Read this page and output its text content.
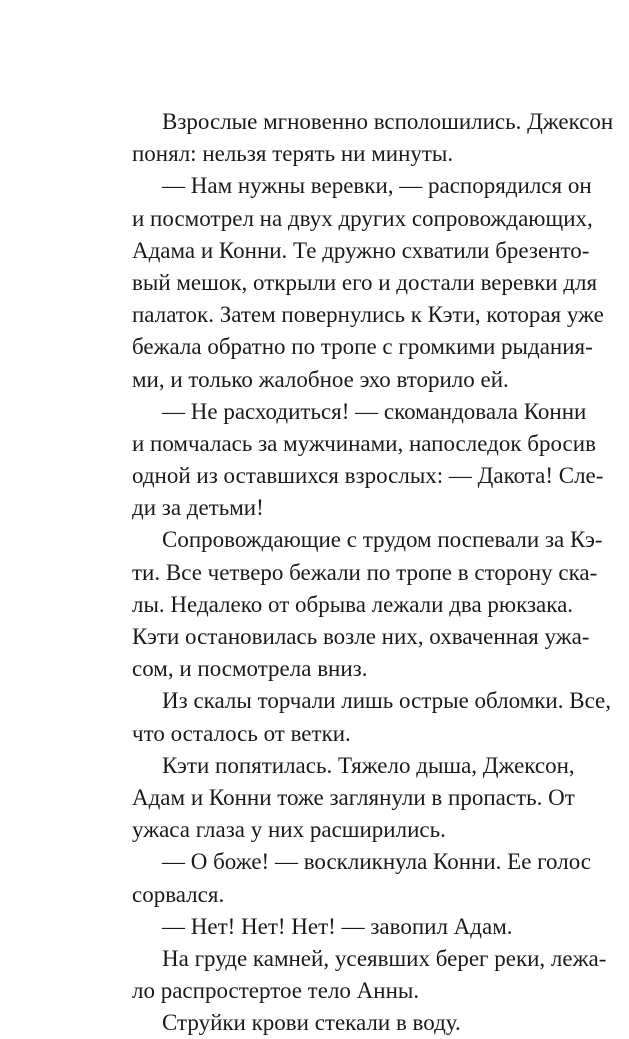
Взрослые мгновенно всполошились. Джексон
понял: нельзя терять ни минуты.
— Нам нужны веревки, — распорядился он
и посмотрел на двух других сопровождающих,
Адама и Конни. Те дружно схватили брезенто-
вый мешок, открыли его и достали веревки для
палаток. Затем повернулись к Кэти, которая уже
бежала обратно по тропе с громкими рыдания-
ми, и только жалобное эхо вторило ей.
— Не расходиться! — скомандовала Конни
и помчалась за мужчинами, напоследок бросив
одной из оставшихся взрослых: — Дакота! Сле-
ди за детьми!
Сопровождающие с трудом поспевали за Кэ-
ти. Все четверо бежали по тропе в сторону ска-
лы. Недалеко от обрыва лежали два рюкзака.
Кэти остановилась возле них, охваченная ужа-
сом, и посмотрела вниз.
Из скалы торчали лишь острые обломки. Все,
что осталось от ветки.
Кэти попятилась. Тяжело дыша, Джексон,
Адам и Конни тоже заглянули в пропасть. От
ужаса глаза у них расширились.
— О боже! — воскликнула Конни. Ее голос
сорвался.
— Нет! Нет! Нет! — завопил Адам.
На груде камней, усеявших берег реки, лежа-
ло распростертое тело Анны.
Струйки крови стекали в воду.
